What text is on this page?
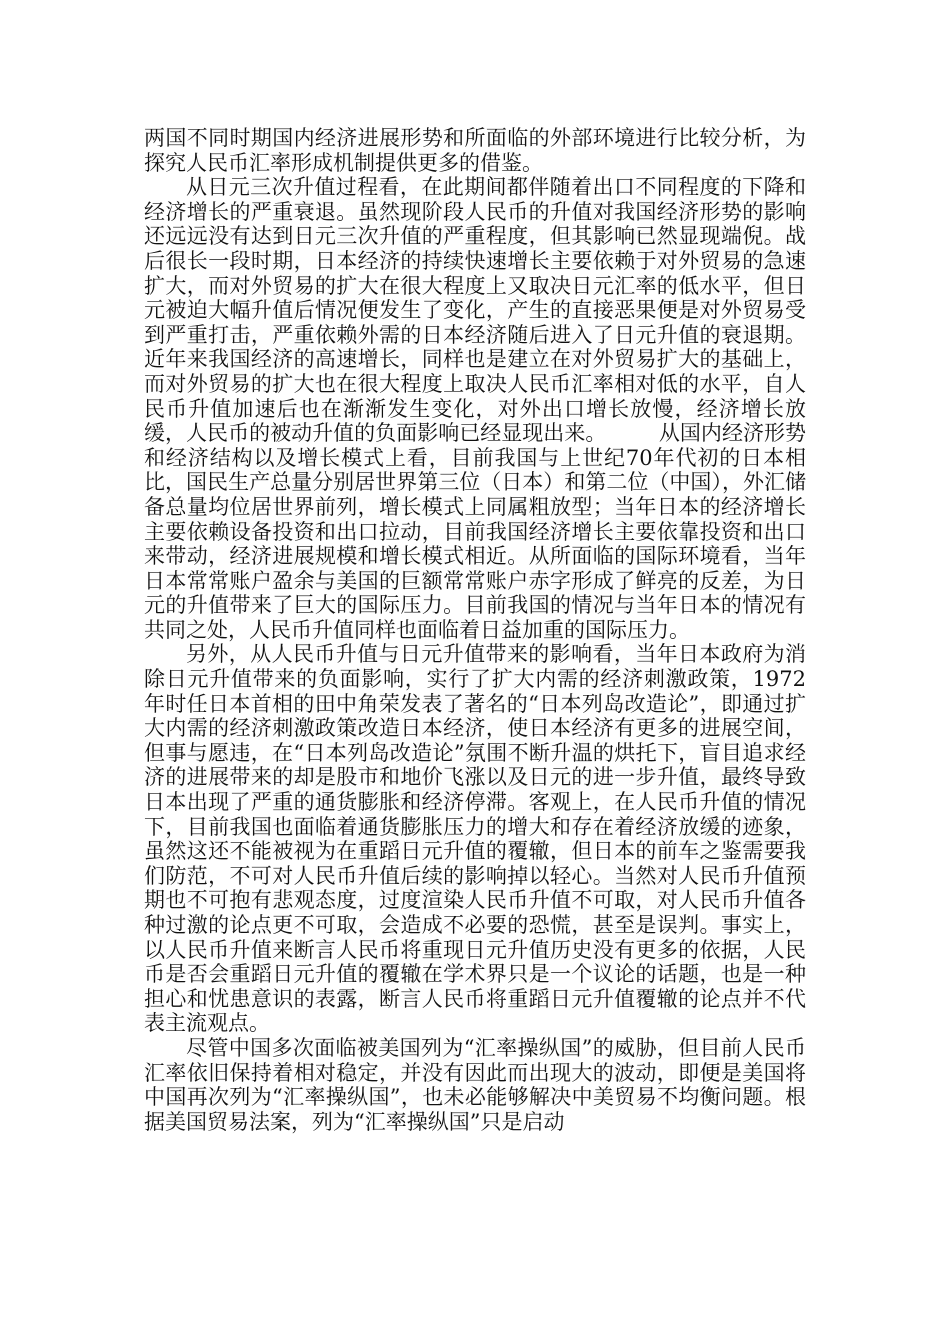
两国不同时期国内经济进展形势和所面临的外部环境进行比较分析，为探究人民币汇率形成机制提供更多的借鉴。

从日元三次升值过程看，在此期间都伴随着出口不同程度的下降和经济增长的严重衰退。虽然现阶段人民币的升值对我国经济形势的影响还远远没有达到日元三次升值的严重程度，但其影响已然显现端倪。战后很长一段时期，日本经济的持续快速增长主要依赖于对外贸易的急速扩大，而对外贸易的扩大在很大程度上又取决日元汇率的低水平，但日元被迫大幅升值后情况便发生了变化，产生的直接恶果便是对外贸易受到严重打击，严重依赖外需的日本经济随后进入了日元升值的衰退期。近年来我国经济的高速增长，同样也是建立在对外贸易扩大的基础上，而对外贸易的扩大也在很大程度上取决人民币汇率相对低的水平，自人民币升值加速后也在渐渐发生变化，对外出口增长放慢，经济增长放缓，人民币的被动升值的负面影响已经显现出来。　　　从国内经济形势和经济结构以及增长模式上看，目前我国与上世纪70年代初的日本相比，国民生产总量分别居世界第三位（日本）和第二位（中国），外汇储备总量均位居世界前列，增长模式上同属粗放型；当年日本的经济增长主要依赖设备投资和出口拉动，目前我国经济增长主要依靠投资和出口来带动，经济进展规模和增长模式相近。从所面临的国际环境看，当年日本常常账户盈余与美国的巨额常常账户赤字形成了鲜亮的反差，为日元的升值带来了巨大的国际压力。目前我国的情况与当年日本的情况有共同之处，人民币升值同样也面临着日益加重的国际压力。

另外，从人民币升值与日元升值带来的影响看，当年日本政府为消除日元升值带来的负面影响，实行了扩大内需的经济刺激政策，1972年时任日本首相的田中角荣发表了著名的“日本列岛改造论”，即通过扩大内需的经济刺激政策改造日本经济，使日本经济有更多的进展空间，但事与愿违，在“日本列岛改造论”氛围不断升温的烘托下，盲目追求经济的进展带来的却是股市和地价飞涨以及日元的进一步升值，最终导致日本出现了严重的通货膨胀和经济停滞。客观上，在人民币升值的情况下，目前我国也面临着通货膨胀压力的增大和存在着经济放缓的迹象，虽然这还不能被视为在重蹈日元升值的覆辙，但日本的前车之鉴需要我们防范，不可对人民币升值后续的影响掉以轻心。当然对人民币升值预期也不可抱有悲观态度，过度渲染人民币升值不可取，对人民币升值各种过激的论点更不可取，会造成不必要的恐慌，甚至是误判。事实上，以人民币升值来断言人民币将重现日元升值历史没有更多的依据，人民币是否会重蹈日元升值的覆辙在学术界只是一个议论的话题，也是一种担心和忧患意识的表露，断言人民币将重蹈日元升值覆辙的论点并不代表主流观点。

尽管中国多次面临被美国列为“汇率操纵国”的威胁，但目前人民币汇率依旧保持着相对稳定，并没有因此而出现大的波动，即便是美国将中国再次列为“汇率操纵国”，也未必能够解决中美贸易不均衡问题。根据美国贸易法案，列为“汇率操纵国”只是启动
